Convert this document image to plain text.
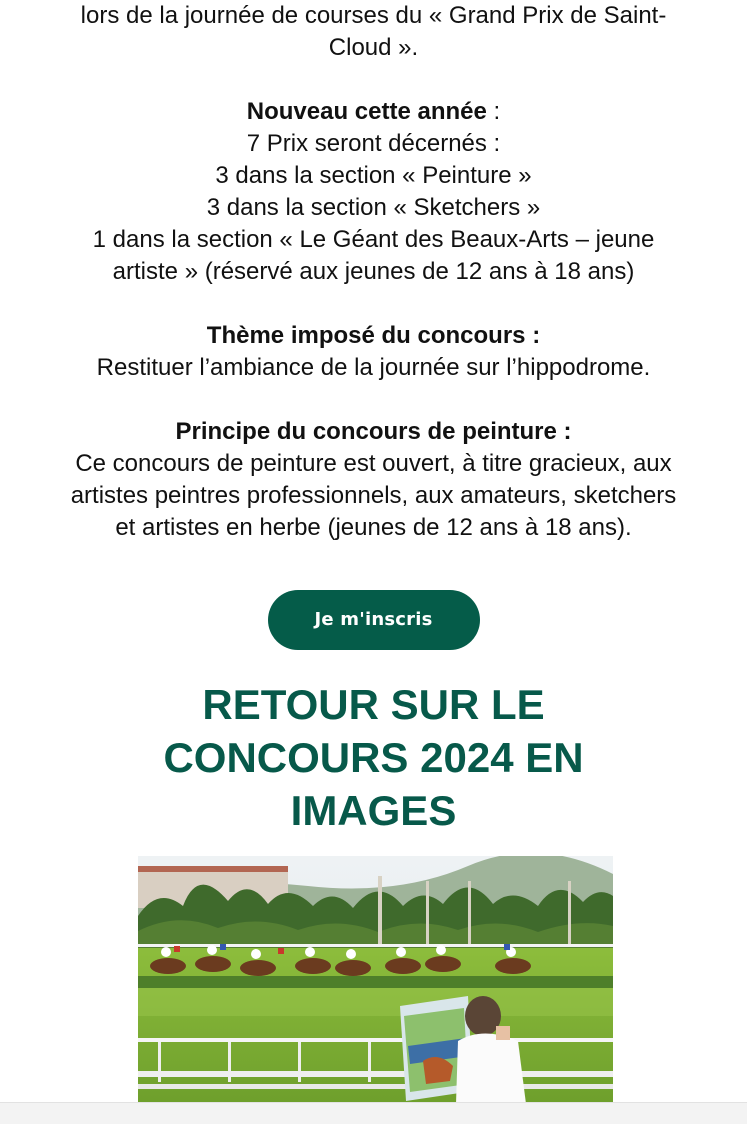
lors de la journée de courses du « Grand Prix de Saint-
Cloud ».

Nouveau cette année :
7 Prix seront décernés :
3 dans la section « Peinture »
3 dans la section « Sketchers »
1 dans la section « Le Géant des Beaux-Arts – jeune
artiste » (réservé aux jeunes de 12 ans à 18 ans)

Thème imposé du concours :
Restituer l’ambiance de la journée sur l’hippodrome.

Principe du concours de peinture :
Ce concours de peinture est ouvert, à titre gracieux, aux
artistes peintres professionnels, aux amateurs, sketchers
et artistes en herbe (jeunes de 12 ans à 18 ans).

Je m'inscris
RETOUR SUR LE
CONCOURS 2024 EN
IMAGES
